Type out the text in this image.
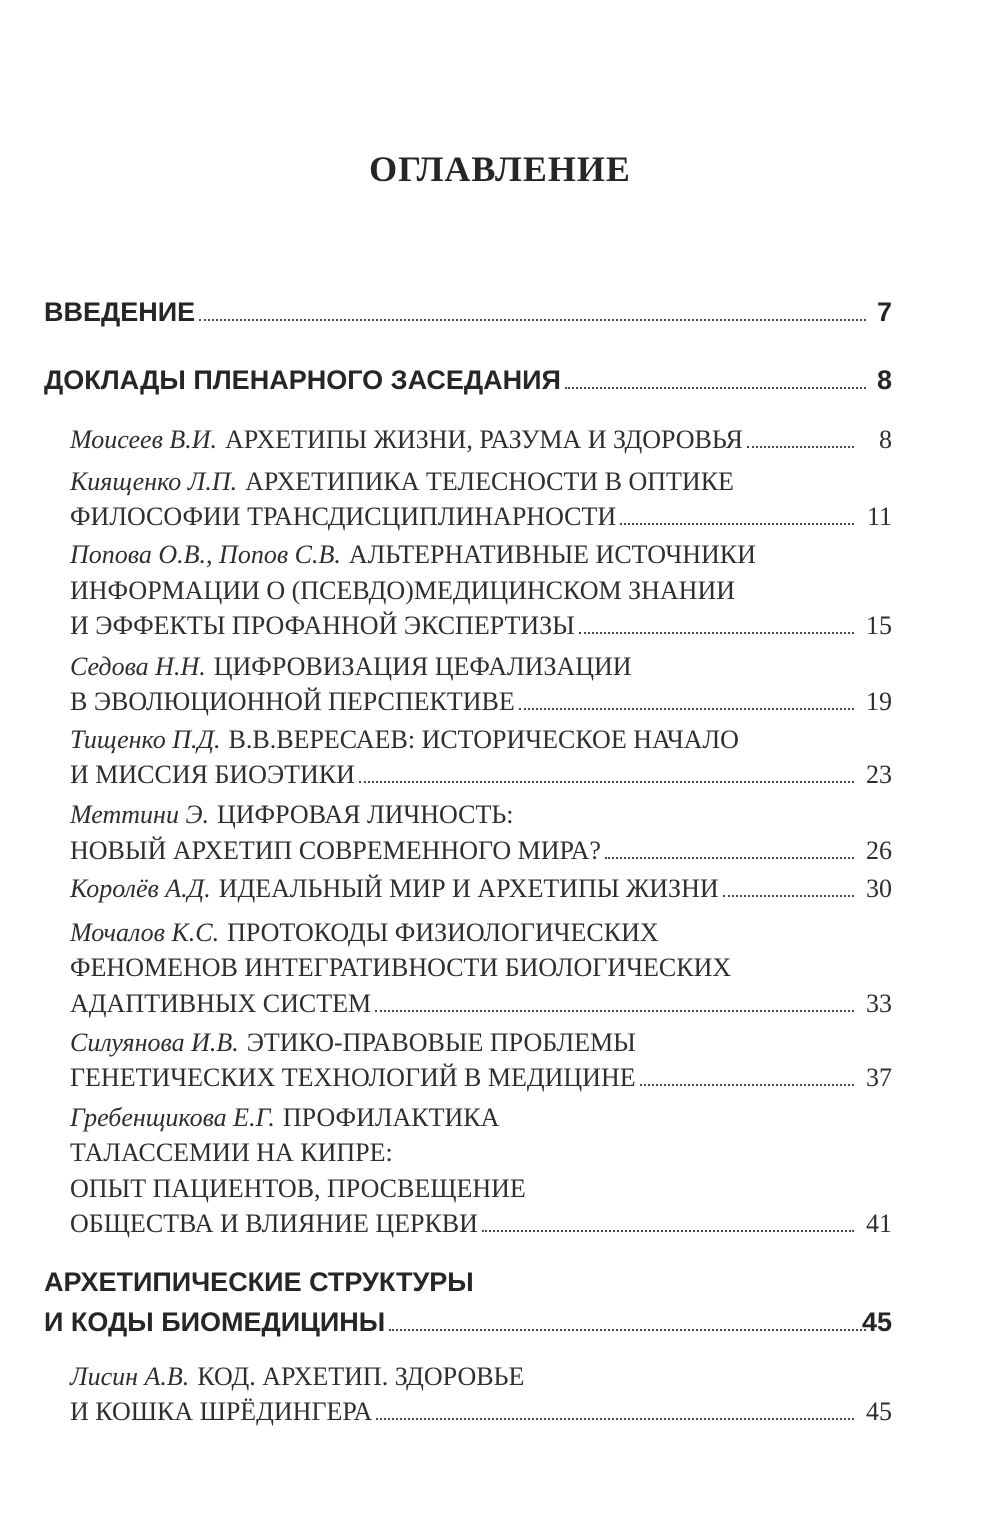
ОГЛАВЛЕНИЕ
ВВЕДЕНИЕ	7
ДОКЛАДЫ ПЛЕНАРНОГО ЗАСЕДАНИЯ	8
Моисеев В.И. АРХЕТИПЫ ЖИЗНИ, РАЗУМА И ЗДОРОВЬЯ	8
Киященко Л.П. АРХЕТИПИКА ТЕЛЕСНОСТИ В ОПТИКЕ
ФИЛОСОФИИ ТРАНСДИСЦИПЛИНАРНОСТИ	11
Попова О.В., Попов С.В. АЛЬТЕРНАТИВНЫЕ ИСТОЧНИКИ
ИНФОРМАЦИИ О (ПСЕВДО)МЕДИЦИНСКОМ ЗНАНИИ
И ЭФФЕКТЫ ПРОФАННОЙ ЭКСПЕРТИЗЫ	15
Седова Н.Н. ЦИФРОВИЗАЦИЯ ЦЕФАЛИЗАЦИИ
В ЭВОЛЮЦИОННОЙ ПЕРСПЕКТИВЕ	19
Тищенко П.Д. В.В.ВЕРЕСАЕВ: ИСТОРИЧЕСКОЕ НАЧАЛО
И МИССИЯ БИОЭТИКИ	23
Меттини Э. ЦИФРОВАЯ ЛИЧНОСТЬ:
НОВЫЙ АРХЕТИП СОВРЕМЕННОГО МИРА?	26
Королёв А.Д. ИДЕАЛЬНЫЙ МИР И АРХЕТИПЫ ЖИЗНИ	30
Мочалов К.С. ПРОТОКОДЫ ФИЗИОЛОГИЧЕСКИХ
ФЕНОМЕНОВ ИНТЕГРАТИВНОСТИ БИОЛОГИЧЕСКИХ
АДАПТИВНЫХ СИСТЕМ	33
Силуянова И.В. ЭТИКО-ПРАВОВЫЕ ПРОБЛЕМЫ
ГЕНЕТИЧЕСКИХ ТЕХНОЛОГИЙ В МЕДИЦИНЕ	37
Гребенщикова Е.Г. ПРОФИЛАКТИКА
ТАЛАССЕМИИ НА КИПРЕ:
ОПЫТ ПАЦИЕНТОВ, ПРОСВЕЩЕНИЕ
ОБЩЕСТВА И ВЛИЯНИЕ ЦЕРКВИ	41
АРХЕТИПИЧЕСКИЕ СТРУКТУРЫ
И КОДЫ БИОМЕДИЦИНЫ	45
Лисин А.В. КОД. АРХЕТИП. ЗДОРОВЬЕ
И КОШКА ШРЁДИНГЕРА	45
